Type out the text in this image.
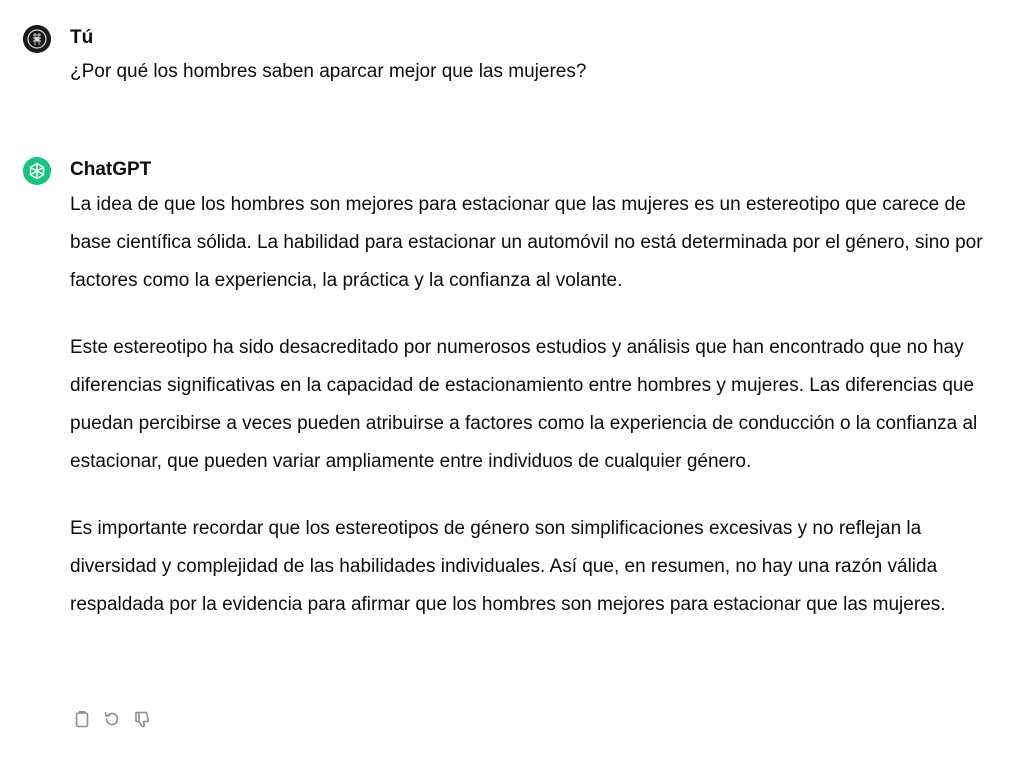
Tú
¿Por qué los hombres saben aparcar mejor que las mujeres?
ChatGPT

La idea de que los hombres son mejores para estacionar que las mujeres es un estereotipo que carece de base científica sólida. La habilidad para estacionar un automóvil no está determinada por el género, sino por factores como la experiencia, la práctica y la confianza al volante.

Este estereotipo ha sido desacreditado por numerosos estudios y análisis que han encontrado que no hay diferencias significativas en la capacidad de estacionamiento entre hombres y mujeres. Las diferencias que puedan percibirse a veces pueden atribuirse a factores como la experiencia de conducción o la confianza al estacionar, que pueden variar ampliamente entre individuos de cualquier género.

Es importante recordar que los estereotipos de género son simplificaciones excesivas y no reflejan la diversidad y complejidad de las habilidades individuales. Así que, en resumen, no hay una razón válida respaldada por la evidencia para afirmar que los hombres son mejores para estacionar que las mujeres.
